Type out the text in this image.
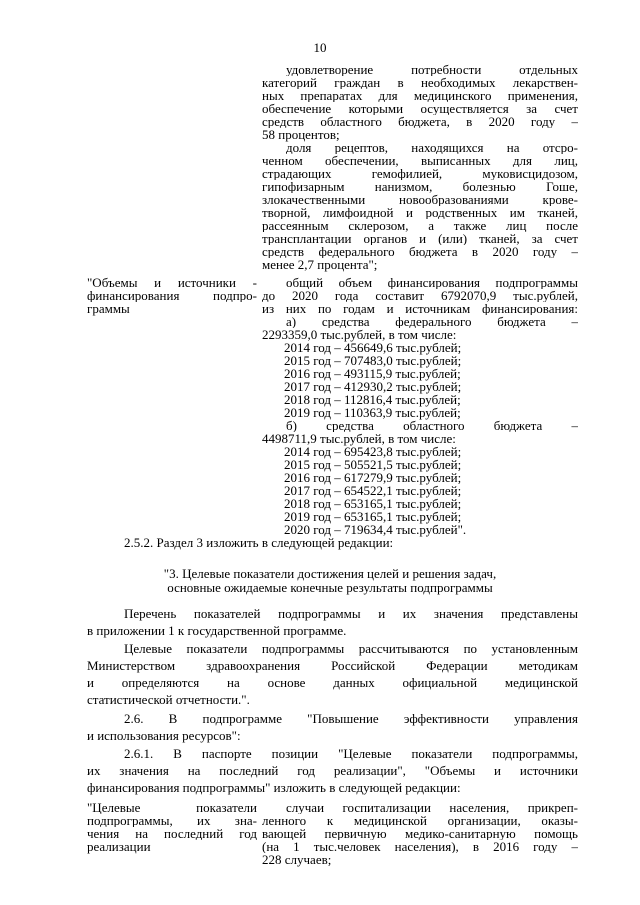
10
удовлетворение потребности отдельных
категорий граждан в необходимых лекарствен-
ных препаратах для медицинского применения,
обеспечение которыми осуществляется за счет
средств областного бюджета, в 2020 году –
58 процентов;
доля рецептов, находящихся на отсро-
ченном обеспечении, выписанных для лиц,
страдающих гемофилией, муковисцидозом,
гипофизарным нанизмом, болезнью Гоше,
злокачественными новообразованиями крове-
творной, лимфоидной и родственных им тканей,
рассеянным склерозом, а также лиц после
трансплантации органов и (или) тканей, за счет
средств федерального бюджета в 2020 году –
менее 2,7 процента";
"Объемы и источники -
финансирования подпро-
граммы
общий объем финансирования подпрограммы
до 2020 года составит 6792070,9 тыс.рублей,
из них по годам и источникам финансирования:
а) средства федерального бюджета –
2293359,0 тыс.рублей, в том числе:
2014 год – 456649,6 тыс.рублей;
2015 год – 707483,0 тыс.рублей;
2016 год – 493115,9 тыс.рублей;
2017 год – 412930,2 тыс.рублей;
2018 год – 112816,4 тыс.рублей;
2019 год – 110363,9 тыс.рублей;
б) средства областного бюджета –
4498711,9 тыс.рублей, в том числе:
2014 год – 695423,8 тыс.рублей;
2015 год – 505521,5 тыс.рублей;
2016 год – 617279,9 тыс.рублей;
2017 год – 654522,1 тыс.рублей;
2018 год – 653165,1 тыс.рублей;
2019 год – 653165,1 тыс.рублей;
2020 год – 719634,4 тыс.рублей".
2.5.2. Раздел 3 изложить в следующей редакции:
"3. Целевые показатели достижения целей и решения задач,
основные ожидаемые конечные результаты подпрограммы
Перечень показателей подпрограммы и их значения представлены
в приложении 1 к государственной программе.
Целевые показатели подпрограммы рассчитываются по установленным
Министерством здравоохранения Российской Федерации методикам
и определяются на основе данных официальной медицинской
статистической отчетности.".
2.6. В подпрограмме "Повышение эффективности управления
и использования ресурсов":
2.6.1. В паспорте позиции "Целевые показатели подпрограммы,
их значения на последний год реализации", "Объемы и источники
финансирования подпрограммы" изложить в следующей редакции:
"Целевые показатели
подпрограммы, их зна-
чения на последний год
реализации
случаи госпитализации населения, прикреп-
ленного к медицинской организации, оказы-
вающей первичную медико-санитарную помощь
(на 1 тыс.человек населения), в 2016 году –
228 случаев;
